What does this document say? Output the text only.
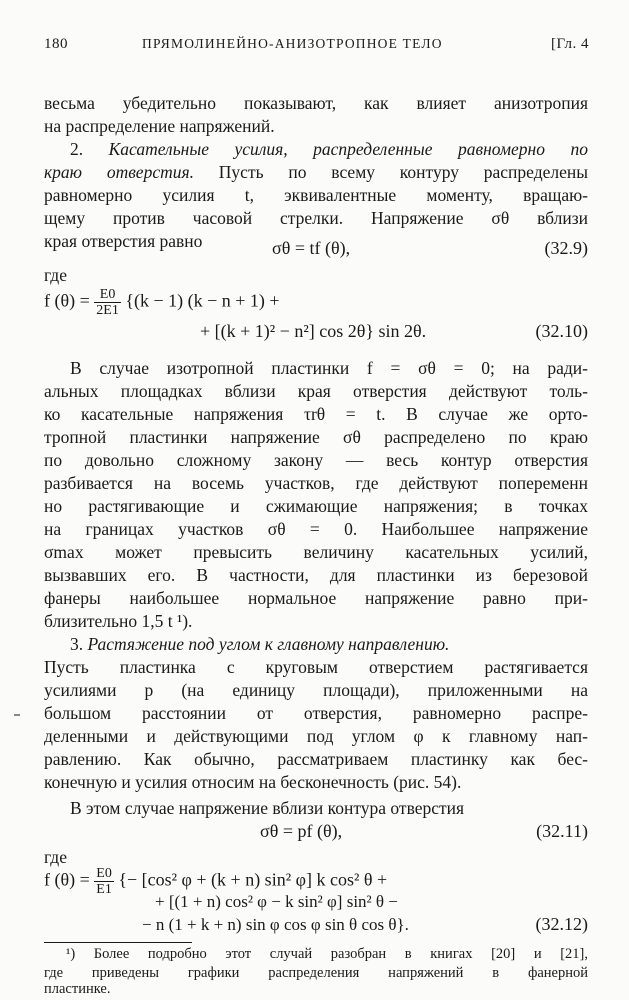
180	ПРЯМОЛИНЕЙНО-АНИЗОТРОПНОЕ ТЕЛО	[Гл. 4
весьма убедительно показывают, как влияет анизотропия
на распределение напряжений.
2. Касательные усилия, распределенные равномерно по
краю отверстия. Пусть по всему контуру распределены
равномерно усилия t, эквивалентные моменту, вращаю-
щему против часовой стрелки. Напряжение σθ вблизи
края отверстия равно	σθ = tf (θ),	(32.9)
где
f $(\theta) = \frac{E0}{2E1} \{(k - 1) (k - n + 1)$ +
+ [(k + 1)² − n²] cos 2θ} sin 2θ.	(32.10)
В случае изотропной пластинки f = σθ = 0; на ради-
альных площадках вблизи края отверстия действуют толь-
ко касательные напряжения τrθ = t. В случае же орто-
тропной пластинки напряжение σθ распределено по краю
по довольно сложному закону — весь контур отверстия
разбивается на восемь участков, где действуют попеременн
но растягивающие и сжимающие напряжения; в точках
на границах участков σθ = 0. Наибольшее напряжение
σmax может превысить величину касательных усилий,
вызвавших его. В частности, для пластинки из березовой
фанеры наибольшее нормальное напряжение равно при-
близительно 1,5 t ¹).
3. Растяжение под углом к главному направлению.
Пусть пластинка с круговым отверстием растягивается
усилиями p (на единицу площади), приложенными на
большом расстоянии от отверстия, равномерно распре-
деленными и действующими под углом φ к главному нап-
равлению. Как обычно, рассматриваем пластинку как бес-
конечную и усилия относим на бесконечность (рис. 54).
В этом случае напряжение вблизи контура отверстия
σθ = pf (θ),	(32.11)
где
f $(\theta) = \frac{E0}{E1}$ {− [cos² φ + (k + n) sin² φ] k cos² θ +
+ [(1 + n) cos² φ − k sin² φ] sin² θ −
− n (1 + k + n) sin φ cos φ sin θ cos θ}.	(32.12)
¹) Более подробно этот случай разобран в книгах [20] и [21],
где приведены графики распределения напряжений в фанерной
пластинке.
